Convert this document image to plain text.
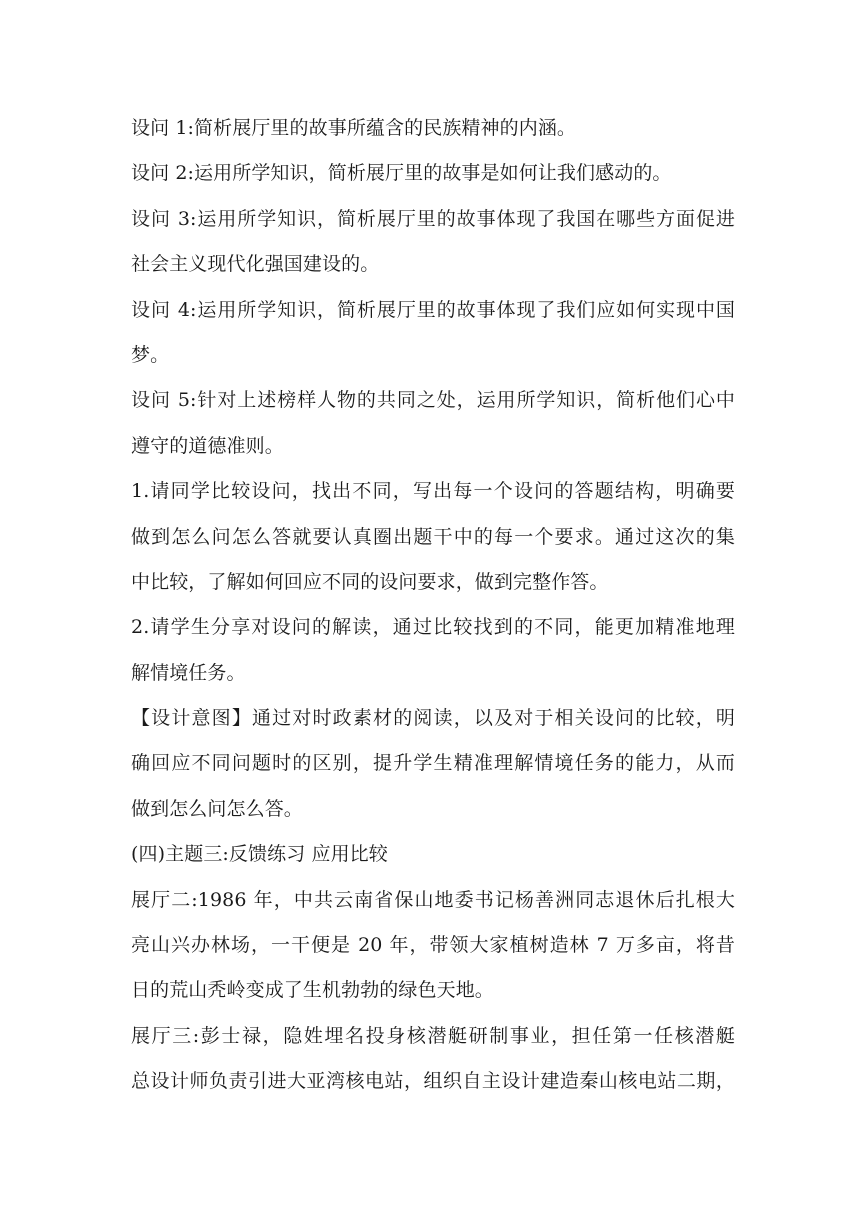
设问 1:简析展厅里的故事所蕴含的民族精神的内涵。
设问 2:运用所学知识，简析展厅里的故事是如何让我们感动的。
设问 3:运用所学知识，简析展厅里的故事体现了我国在哪些方面促进
社会主义现代化强国建设的。
设问 4:运用所学知识，简析展厅里的故事体现了我们应如何实现中国
梦。
设问 5:针对上述榜样人物的共同之处，运用所学知识，简析他们心中
遵守的道德准则。
1.请同学比较设问，找出不同，写出每一个设问的答题结构，明确要
做到怎么问怎么答就要认真圈出题干中的每一个要求。通过这次的集
中比较，了解如何回应不同的设问要求，做到完整作答。
2.请学生分享对设问的解读，通过比较找到的不同，能更加精准地理
解情境任务。
【设计意图】通过对时政素材的阅读，以及对于相关设问的比较，明
确回应不同问题时的区别，提升学生精准理解情境任务的能力，从而
做到怎么问怎么答。
(四)主题三:反馈练习 应用比较
展厅二:1986 年，中共云南省保山地委书记杨善洲同志退休后扎根大
亮山兴办林场，一干便是 20 年，带领大家植树造林 7 万多亩，将昔
日的荒山秃岭变成了生机勃勃的绿色天地。
展厅三:彭士禄，隐姓埋名投身核潜艇研制事业，担任第一任核潜艇
总设计师负责引进大亚湾核电站，组织自主设计建造秦山核电站二期，
